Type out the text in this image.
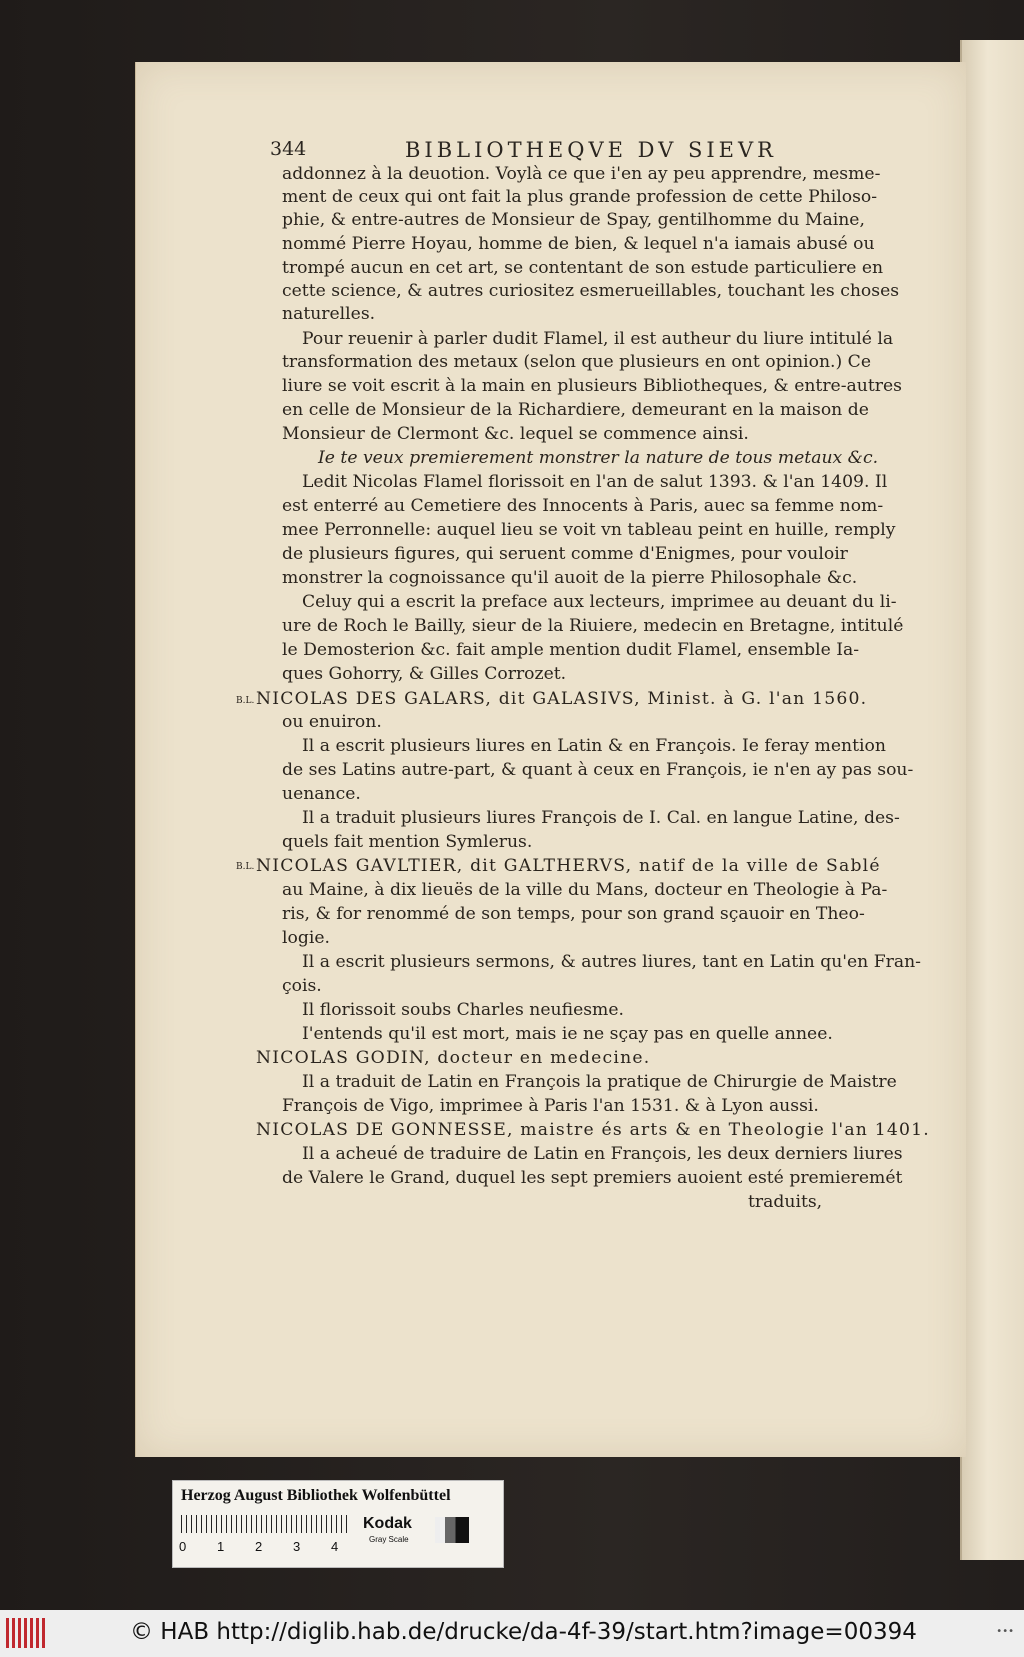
344	BIBLIOTHEQVE DV SIEVR
addonnez à la deuotion. Voylà ce que i'en ay peu apprendre, mesme-
ment de ceux qui ont fait la plus grande profession de cette Philoso-
phie, & entre-autres de Monsieur de Spay, gentilhomme du Maine,
nommé Pierre Hoyau, homme de bien, & lequel n'a iamais abusé ou
trompé aucun en cet art, se contentant de son estude particuliere en
cette science, & autres curiositez esmerueillables, touchant les choses
naturelles.
Pour reuenir à parler dudit Flamel, il est autheur du liure intitulé la
transformation des metaux (selon que plusieurs en ont opinion.) Ce
liure se voit escrit à la main en plusieurs Bibliotheques, & entre-autres
en celle de Monsieur de la Richardiere, demeurant en la maison de
Monsieur de Clermont &c. lequel se commence ainsi.
Ie te veux premierement monstrer la nature de tous metaux &c.
Ledit Nicolas Flamel florissoit en l'an de salut 1393. & l'an 1409. Il
est enterré au Cemetiere des Innocents à Paris, auec sa femme nom-
mee Perronnelle: auquel lieu se voit vn tableau peint en huille, remply
de plusieurs figures, qui seruent comme d'Enigmes, pour vouloir
monstrer la cognoissance qu'il auoit de la pierre Philosophale &c.
Celuy qui a escrit la preface aux lecteurs, imprimee au deuant du li-
ure de Roch le Bailly, sieur de la Riuiere, medecin en Bretagne, intitulé
le Demosterion &c. fait ample mention dudit Flamel, ensemble Ia-
ques Gohorry, & Gilles Corrozet.
B.L. NICOLAS DES GALARS, dit GALASIVS, Minist. à G. l'an 1560.
ou enuiron.
Il a escrit plusieurs liures en Latin & en François. Ie feray mention
de ses Latins autre-part, & quant à ceux en François, ie n'en ay pas sou-
uenance.
Il a traduit plusieurs liures François de I. Cal. en langue Latine, des-
quels fait mention Symlerus.
B.L. NICOLAS GAVLTIER, dit GALTHERVS, natif de la ville de Sablé
au Maine, à dix lieuës de la ville du Mans, docteur en Theologie à Pa-
ris, & for renommé de son temps, pour son grand sçauoir en Theo-
logie.
Il a escrit plusieurs sermons, & autres liures, tant en Latin qu'en Fran-
çois.
Il florissoit soubs Charles neufiesme.
I'entends qu'il est mort, mais ie ne sçay pas en quelle annee.
NICOLAS GODIN, docteur en medecine.
Il a traduit de Latin en François la pratique de Chirurgie de Maistre
François de Vigo, imprimee à Paris l'an 1531. & à Lyon aussi.
NICOLAS DE GONNESSE, maistre és arts & en Theologie l'an 1401.
Il a acheué de traduire de Latin en François, les deux derniers liures
de Valere le Grand, duquel les sept premiers auoient esté premieremét
traduits,
Herzog August Bibliothek Wolfenbüttel
0 1 2 3 4
Kodak
Gray Scale
© HAB http://diglib.hab.de/drucke/da-4f-39/start.htm?image=00394	•••
